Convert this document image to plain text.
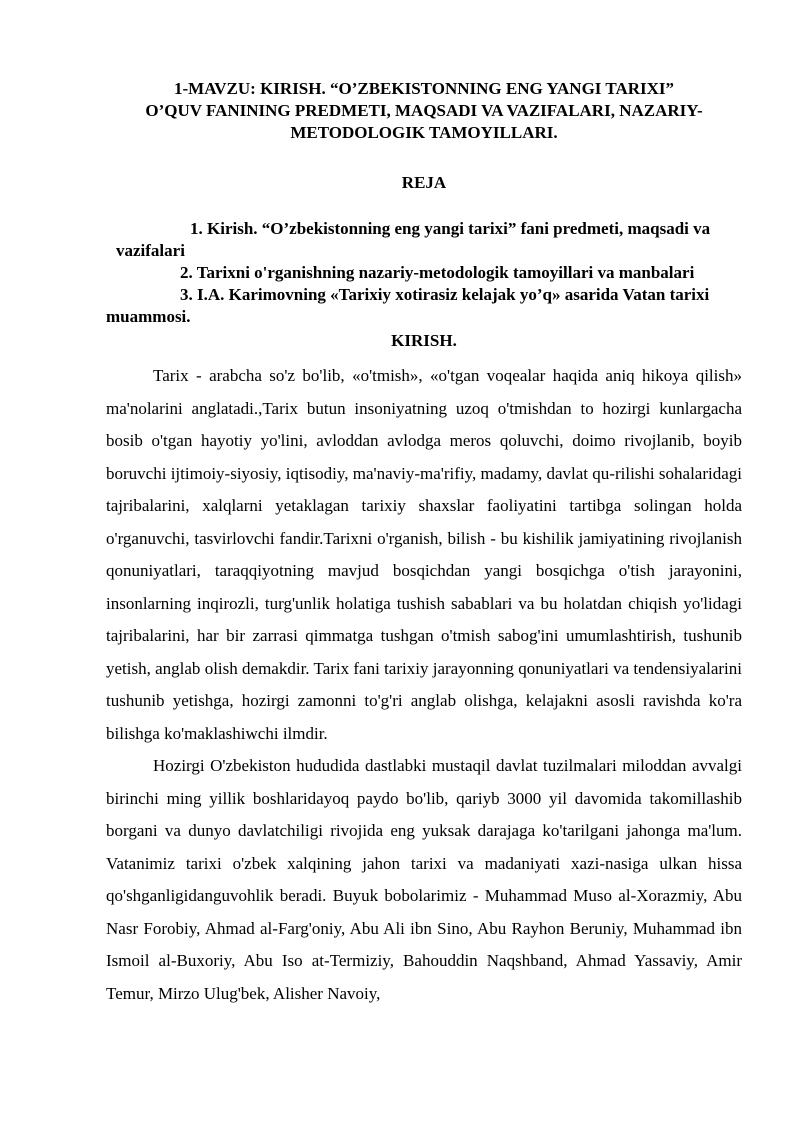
1-MAVZU: KIRISH. “O’ZBEKISTONNING ENG YANGI TARIXI”
O’QUV FANINING PREDMETI, MAQSADI VA VAZIFALARI, NAZARIY-
METODOLOGIK TAMOYILLARI.
REJA

1. Kirish. “O’zbekistonning eng yangi tarixi” fani predmeti, maqsadi va vazifalari

2. Tarixni o'rganishning nazariy-metodologik tamoyillari va manbalari

3. I.A. Karimovning «Tarixiy xotirasiz kelajak yo’q» asarida Vatan tarixi muammosi.

KIRISH.

Tarix - arabcha so'z bo'lib, «o'tmish», «o'tgan voqealar haqida aniq hikoya qilish» ma'nolarini anglatadi.,Tarix butun insoniyatning uzoq o'tmishdan to hozirgi kunlargacha bosib o'tgan hayotiy yo'lini, avloddan avlodga meros qoluvchi, doimo rivojlanib, boyib boruvchi ijtimoiy-siyosiy, iqtisodiy, ma'naviy-ma'rifiy, madamy, davlat qu-rilishi sohalaridagi tajribalarini, xalqlarni yetaklagan tarixiy shaxslar faoliyatini tartibga solingan holda o'rganuvchi, tasvirlovchi fandir.Tarixni o'rganish, bilish - bu kishilik jamiyatining rivojlanish qonuniyatlari, taraqqiyotning mavjud bosqichdan yangi bosqichga o'tish jarayonini, insonlarning inqirozli, turg'unlik holatiga tushish sabablari va bu holatdan chiqish yo'lidagi tajribalarini, har bir zarrasi qimmatga tushgan o'tmish sabog'ini umumlashtirish, tushunib yetish, anglab olish demakdir. Tarix fani tarixiy jarayonning qonuniyatlari va tendensiyalarini tushunib yetishga, hozirgi zamonni to'g'ri anglab olishga, kelajakni asosli ravishda ko'ra bilishga ko'maklashiwchi ilmdir.

Hozirgi O'zbekiston hududida dastlabki mustaqil davlat tuzilmalari miloddan avvalgi birinchi ming yillik boshlaridayoq paydo bo'lib, qariyb 3000 yil davomida takomillashib borgani va dunyo davlatchiligi rivojida eng yuksak darajaga ko'tarilgani jahonga ma'lum. Vatanimiz tarixi o'zbek xalqining jahon tarixi va madaniyati xazi-nasiga ulkan hissa qo'shganligidanguvohlik beradi. Buyuk bobolarimiz - Muhammad Muso al-Xorazmiy, Abu Nasr Forobiy, Ahmad al-Farg'oniy, Abu Ali ibn Sino, Abu Rayhon Beruniy, Muhammad ibn Ismoil al-Buxoriy, Abu Iso at-Termiziy, Bahouddin Naqshband, Ahmad Yassaviy, Amir Temur, Mirzo Ulug'bek, Alisher Navoiy,
